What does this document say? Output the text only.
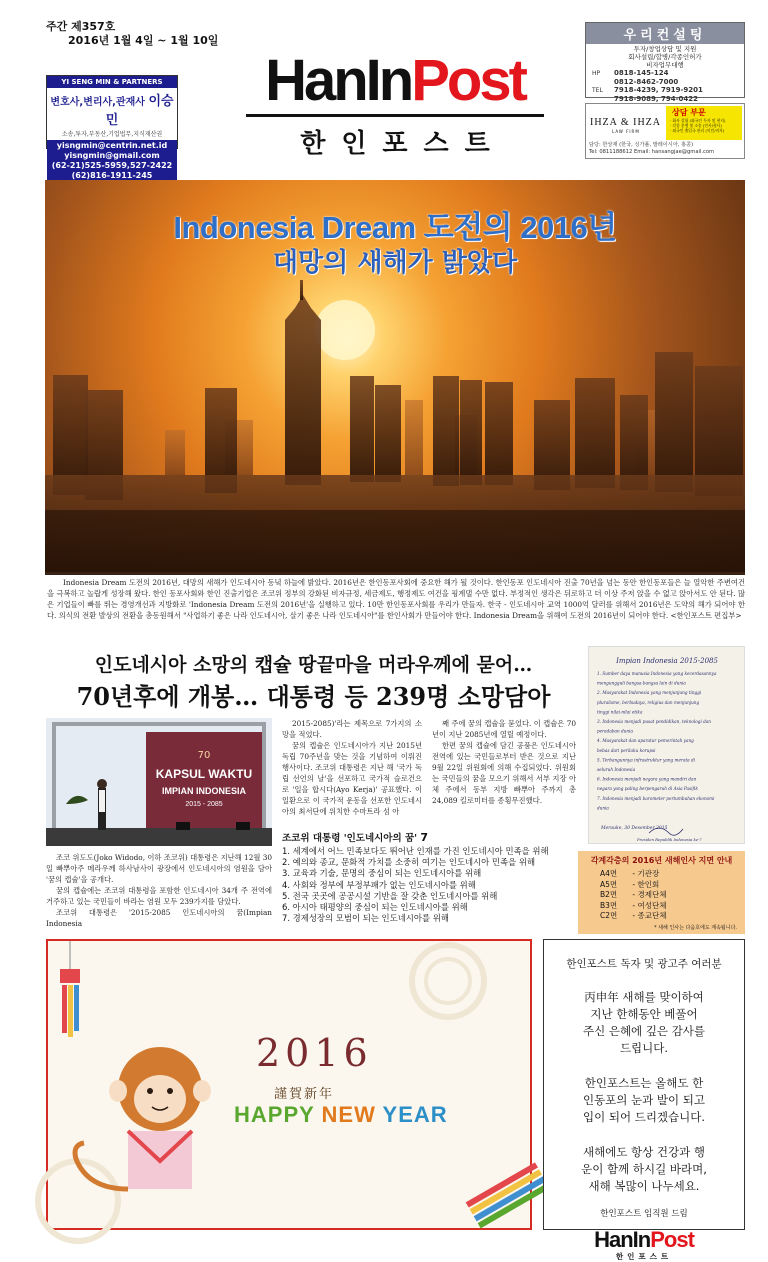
주간 제357호
2016년 1월 4일 ~ 1월 10일
YI SENG MIN & PARTNERS
변호사,변리사,관재사 이승민
소송,투자,부동산,기업법무,지식재산권
yisngmin@centrin.net.id
yisngmin@gmail.com
(62-21)525-5959,527-2422
(62)816-1911-245
HanInPost
한인포스트
우리컨설팅
투자/창업상담 및 지원
회사설립/합병/각종인허가
비자업무대행
HP 0818-145-124
0812-8462-7000
TEL 7918-4239, 7919-9201
7918-9089, 794-0422

IHZA & IHZA
LAW FIRM
상담 부문
· 회사 설립 (외국인 투자 및 현지)
· 각종 분쟁 및 소송 (민사/형사)
· 외국인 출입국 관리 (이민/비자)
담당: 한상재 (한국, 싱가폴, 발레이시아, 홍콩)
Tel: 0811188612 Email: hansangjae@gmail.com
Indonesia Dream 도전의 2016년
대망의 새해가 밝았다
Indonesia Dream 도전의 2016년, 대망의 새해가 인도네시아 동녘 하늘에 밝았다. 2016년은 한인동포사회에 중요한 해가 될 것이다. 한인동포 인도네시아 진출 70년을 넘는 동안 한인동포들은 늘 열악한 주변여건을 극복하고 놀랍게 성장해 왔다. 한인 동포사회와 한인 진출기업은 조코위 정부의 강화된 비자규정, 세금제도, 행정제도 여건을 핑계댈 수만 없다. 부정적인 생각은 뒤로하고 더 이상 주저 앉을 수 없고 앉아서도 안 된다. 많은 기업들이 빠를 뛰는 경영개선과 지방화로 'Indonesia Dream 도전의 2016년'을 실행하고 있다. 10만 한인동포사회를 우리가 만들자. 한국 - 인도네시아 교역 1000억 달러를 위해서 2016년은 도약의 해가 되어야 한다. 의식의 전환 발상의 전환을 총동원해서 "사업하기 좋은 나라 인도네시아, 살기 좋은 나라 인도네시아"를 한인사회가 만들어야 한다. Indonesia Dream을 위해여 도전의 2016년이 되어야 한다. <한인포스트 편집부>
인도네시아 소망의 캡슐 땅끝마을 머라우께에 묻어…
70년후에 개봉… 대통령 등 239명 소망담아
70
KAPSUL WAKTU
IMPIAN INDONESIA
2015 - 2085

조코 위도도(Joko Widodo, 이하 조코위) 대통령은 지난해 12월 30일 빠뿌아주 메라우께 하사남사이 광장에서 인도네시아의 염원을 담아 '꿈의 캡슐'을 공개다.

꿈의 캡슐에는 조코위 대통령을 포함한 인도네시아 34개 주 전역에 거주하고 있는 국민들이 바라는 염원 모두 239가지를 담았다.

조코위 대통령은 '2015-2085 인도네시아의 꿈(Impian Indonesia

2015-2085)'라는 제목으로 7가지의 소망을 적었다.

꿈의 캡슐은 인도네시아가 지난 2015년 독립 70주년을 맞는 것을 기념하여 이뤄진 행사이다. 조코위 대통령은 지난 해 '국가 독립 선언의 날'을 선포하고 국가적 슬로건으로 '일을 합시다(Ayo Kerja)' 공표했다. 이 일환으로 이 국가적 운동을 선포한 인도네시아의 최서단에 위치한 수마트라 섬 아

째 주에 꿈의 캡슐을 묻었다. 이 캡슐은 70년이 지난 2085년에 열릴 예정이다.

한편 꿈의 캡슐에 담긴 공품은 인도네시아 전역에 있는 국민들로부터 받은 것으로 지난 9월 22일 위원회에 의해 수집되었다. 위원회는 국민들의 꿈을 모으기 위해서 서부 지장 아체 주에서 동부 지방 빠뿌아 주까지 총 24,089 킬로미터를 종횡무진했다.

조코위 대통령 '인도네시아의 꿈' 7
1. 세계에서 어느 민족보다도 뛰어난 인재를 가진 인도네시아 민족을 위해
2. 예의와 종교, 문화적 가치를 소중히 여기는 인도네시아 민족을 위해
3. 교육과 기술, 문명의 중심이 되는 인도네시아를 위해
4. 사회와 정부에 부정부패가 없는 인도네시아를 위해
5. 전국 곳곳에 공공시설 기반을 잘 갖춘 인도네시아를 위해
6. 아시아 태평양의 중심이 되는 인도네시아를 위해
7. 경제성장의 모범이 되는 인도네시아를 위해
Impian Indonesia 2015-2085
1. Sumber daya manusia Indonesia yang kecerdasannya
mengungguli bangsa-bangsa lain di dunia
2. Masyarakat Indonesia yang menjunjung tinggi
pluralisme, berbudaya, religius dan menjunjung
tinggi nilai-nilai etika
3. Indonesia menjadi pusat pendidikan, teknologi dan
peradaban dunia
4. Masyarakat dan aparatur pemerintah yang
bebas dari perilaku korupsi
5. Terbangunnya infrastruktur yang merata di
seluruh Indonesia
6. Indonesia menjadi negara yang mandiri dan
negara yang paling berpengaruh di Asia Pasifik
7. Indonesia menjadi barometer pertumbuhan ekonomi
dunia
Merauke, 30 Desember 2015
Presiden Republik Indonesia ke-7
각계각층의 2016년 새해인사 지면 안내
A4면 - 기관장
A5면 - 한인회
B2면 - 경제단체
B3면 - 여성단체
C2면 - 종교단체
* 새해 인사는 다음호에도 계속됩니다.
2016
謹賀新年
HAPPY NEW YEAR
한인포스트 독자 및 광고주 여러분
丙申年 새해를 맞이하여
지난 한해동안 베풀어
주신 은혜에 깊은 감사를
드립니다.
한인포스트는 올해도 한
인동포의 눈과 발이 되고
입이 되어 드리겠습니다.
새해에도 항상 건강과 행
운이 함께 하시길 바라며,
새해 복많이 나누세요.
한인포스트 임직원 드림
HanInPost
한인포스트
